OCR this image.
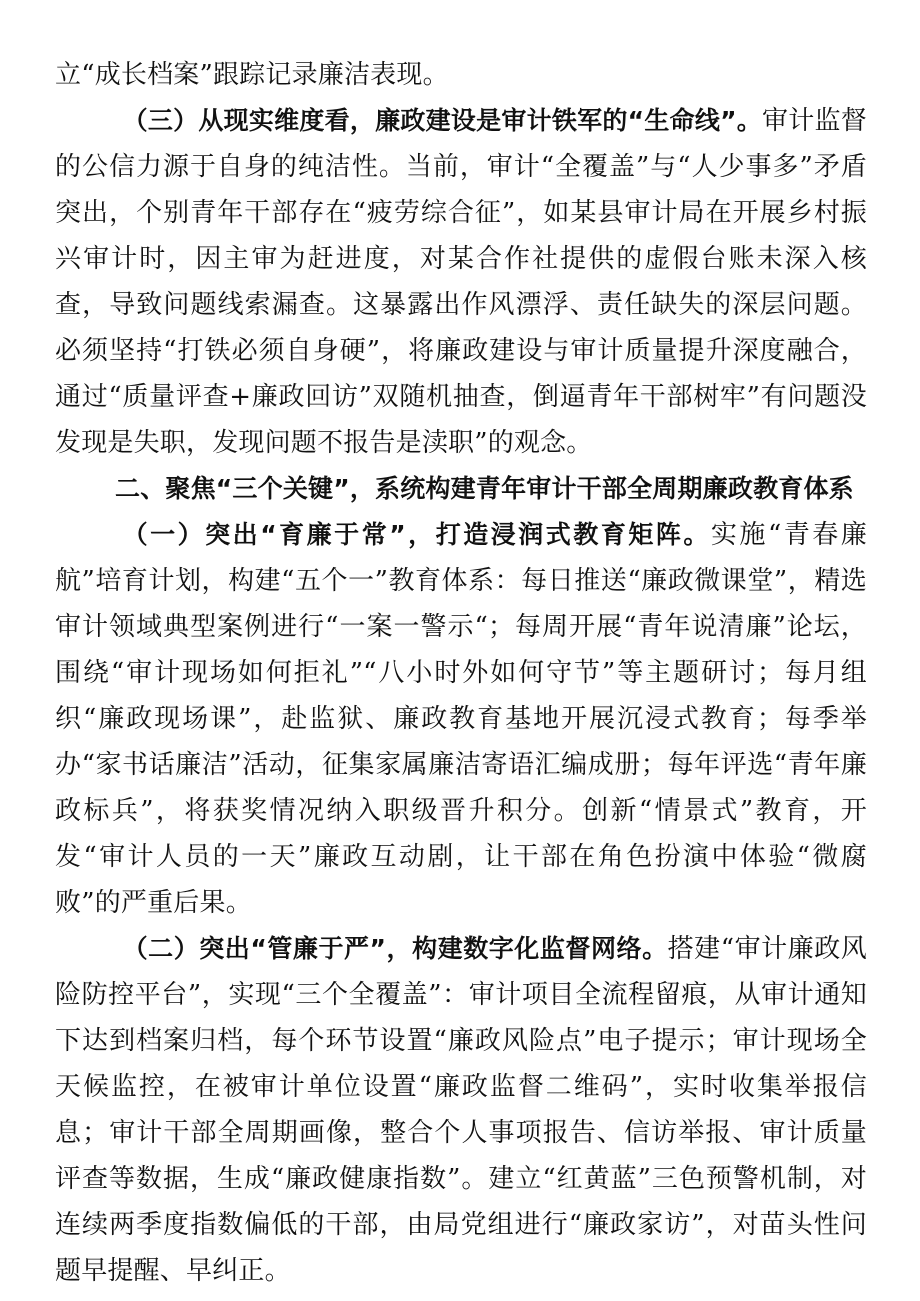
立“成长档案”跟踪记录廉洁表现。

（三）从现实维度看，廉政建设是审计铁军的“生命线”。审计监督的公信力源于自身的纯洁性。当前，审计“全覆盖”与“人少事多”矛盾突出，个别青年干部存在“疲劳综合征”，如某县审计局在开展乡村振兴审计时，因主审为赶进度，对某合作社提供的虚假台账未深入核查，导致问题线索漏查。这暴露出作风漂浮、责任缺失的深层问题。必须坚持“打铁必须自身硬”，将廉政建设与审计质量提升深度融合，通过“质量评查+廉政回访”双随机抽查，倒逼青年干部树牢”有问题没发现是失职，发现问题不报告是渎职”的观念。

二、聚焦“三个关键”，系统构建青年审计干部全周期廉政教育体系

（一）突出“育廉于常”，打造浸润式教育矩阵。实施“青春廉航”培育计划，构建“五个一”教育体系：每日推送“廉政微课堂”，精选审计领域典型案例进行“一案一警示“；每周开展“青年说清廉”论坛，围绕“审计现场如何拒礼”“八小时外如何守节”等主题研讨；每月组织“廉政现场课”，赴监狱、廉政教育基地开展沉浸式教育；每季举办“家书话廉洁”活动，征集家属廉洁寄语汇编成册；每年评选“青年廉政标兵”，将获奖情况纳入职级晋升积分。创新“情景式”教育，开发“审计人员的一天”廉政互动剧，让干部在角色扮演中体验“微腐败”的严重后果。

（二）突出“管廉于严”，构建数字化监督网络。搭建“审计廉政风险防控平台”，实现“三个全覆盖”：审计项目全流程留痕，从审计通知下达到档案归档，每个环节设置“廉政风险点”电子提示；审计现场全天候监控，在被审计单位设置“廉政监督二维码”，实时收集举报信息；审计干部全周期画像，整合个人事项报告、信访举报、审计质量评查等数据，生成“廉政健康指数”。建立“红黄蓝”三色预警机制，对连续两季度指数偏低的干部，由局党组进行“廉政家访”，对苗头性问题早提醒、早纠正。
